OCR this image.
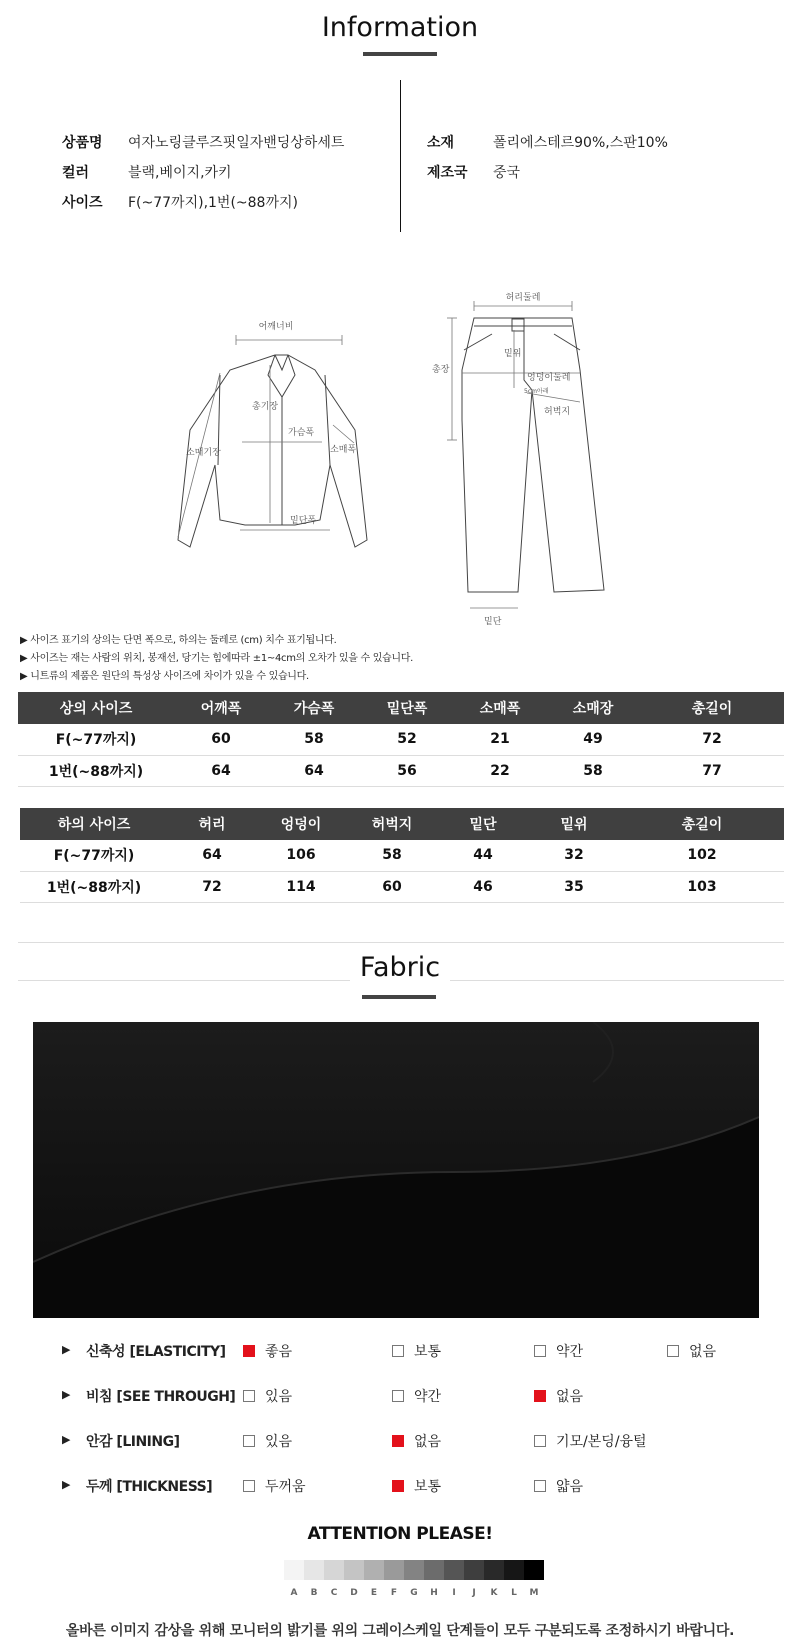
Information
상품명	여자노링클루즈핏일자밴딩상하세트
컬러	블랙,베이지,카키
사이즈	F(~77까지),1번(~88까지)
소재	폴리에스테르90%,스판10%
제조국	중국
어깨너비
총기장
가슴폭
소매폭
소매기장
밑단폭
허리둘레
총장
밑위
엉덩이둘레
5cm아래
허벅지
밑단
▶ 사이즈 표기의 상의는 단면 폭으로, 하의는 둘레로 (cm) 치수 표기됩니다.
▶ 사이즈는 재는 사람의 위치, 봉재선, 당기는 힘에따라 ±1~4cm의 오차가 있을 수 있습니다.
▶ 니트류의 제품은 원단의 특성상 사이즈에 차이가 있을 수 있습니다.
상의 사이즈	어깨폭	가슴폭	밑단폭	소매폭	소매장	총길이
F(~77까지)	60	58	52	21	49	72
1번(~88까지)	64	64	56	22	58	77
하의 사이즈	허리	엉덩이	허벅지	밑단	밑위	총길이
F(~77까지)	64	106	58	44	32	102
1번(~88까지)	72	114	60	46	35	103
Fabric
▶ 신축성 [ELASTICITY]	좋음	보통	약간	없음
▶ 비침 [SEE THROUGH] 있음	약간	없음
▶ 안감 [LINING]	있음	없음	기모/본딩/융털
▶ 두께 [THICKNESS]	두꺼움	보통	얇음
ATTENTION PLEASE!
A	B	C	D	E	F	G	H	I	J	K	L	M
올바른 이미지 감상을 위해 모니터의 밝기를 위의 그레이스케일 단계들이 모두 구분되도록 조정하시기 바랍니다.
